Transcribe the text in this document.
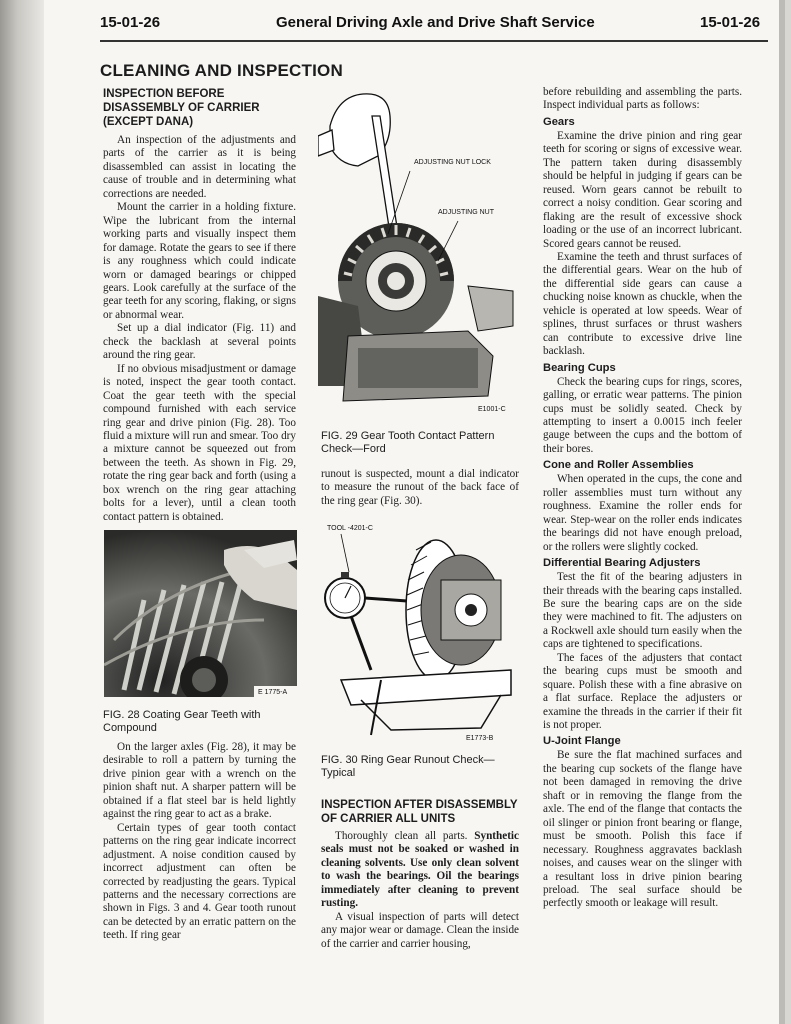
15-01-26	General Driving Axle and Drive Shaft Service	15-01-26
CLEANING AND INSPECTION

INSPECTION BEFORE DISASSEMBLY OF CARRIER (EXCEPT DANA)

An inspection of the adjustments and parts of the carrier as it is being disassembled can assist in locating the cause of trouble and in determining what corrections are needed.

Mount the carrier in a holding fixture. Wipe the lubricant from the internal working parts and visually inspect them for damage. Rotate the gears to see if there is any roughness which could indicate worn or damaged bearings or chipped gears. Look carefully at the surface of the gear teeth for any scoring, flaking, or signs or abnormal wear.

Set up a dial indicator (Fig. 11) and check the backlash at several points around the ring gear.

If no obvious misadjustment or damage is noted, inspect the gear tooth contact. Coat the gear teeth with the special compound furnished with each service ring gear and drive pinion (Fig. 28). Too fluid a mixture will run and smear. Too dry a mixture cannot be squeezed out from between the teeth. As shown in Fig. 29, rotate the ring gear back and forth (using a box wrench on the ring gear attaching bolts for a lever), until a clean tooth contact pattern is obtained.

E 1775-A
FIG. 28 Coating Gear Teeth with Compound

On the larger axles (Fig. 28), it may be desirable to roll a pattern by turning the drive pinion gear with a wrench on the pinion shaft nut. A sharper pattern will be obtained if a flat steel bar is held lightly against the ring gear to act as a brake.

Certain types of gear tooth contact patterns on the ring gear indicate incorrect adjustment. A noise condition caused by incorrect adjustment can often be corrected by readjusting the gears. Typical patterns and the necessary corrections are shown in Figs. 3 and 4. Gear tooth runout can be detected by an erratic pattern on the teeth. If ring gear

ADJUSTING NUT LOCK
ADJUSTING NUT
E1001-C
FIG. 29 Gear Tooth Contact Pattern Check—Ford

runout is suspected, mount a dial indicator to measure the runout of the back face of the ring gear (Fig. 30).

TOOL -4201-C
E1773-B
FIG. 30 Ring Gear Runout Check—Typical

INSPECTION AFTER DISASSEMBLY OF CARRIER ALL UNITS

Thoroughly clean all parts. Synthetic seals must not be soaked or washed in cleaning solvents. Use only clean solvent to wash the bearings. Oil the bearings immediately after cleaning to prevent rusting.

A visual inspection of parts will detect any major wear or damage. Clean the inside of the carrier and carrier housing,

before rebuilding and assembling the parts. Inspect individual parts as follows:

Gears

Examine the drive pinion and ring gear teeth for scoring or signs of excessive wear. The pattern taken during disassembly should be helpful in judging if gears can be reused. Worn gears cannot be rebuilt to correct a noisy condition. Gear scoring and flaking are the result of excessive shock loading or the use of an incorrect lubricant. Scored gears cannot be reused.

Examine the teeth and thrust surfaces of the differential gears. Wear on the hub of the differential side gears can cause a chucking noise known as chuckle, when the vehicle is operated at low speeds. Wear of splines, thrust surfaces or thrust washers can contribute to excessive drive line backlash.

Bearing Cups

Check the bearing cups for rings, scores, galling, or erratic wear patterns. The pinion cups must be solidly seated. Check by attempting to insert a 0.0015 inch feeler gauge between the cups and the bottom of their bores.

Cone and Roller Assemblies

When operated in the cups, the cone and roller assemblies must turn without any roughness. Examine the roller ends for wear. Step-wear on the roller ends indicates the bearings did not have enough preload, or the rollers were slightly cocked.

Differential Bearing Adjusters

Test the fit of the bearing adjusters in their threads with the bearing caps installed. Be sure the bearing caps are on the side they were machined to fit. The adjusters on a Rockwell axle should turn easily when the caps are tightened to specifications.

The faces of the adjusters that contact the bearing cups must be smooth and square. Polish these with a fine abrasive on a flat surface. Replace the adjusters or examine the threads in the carrier if their fit is not proper.

U-Joint Flange

Be sure the flat machined surfaces and the bearing cup sockets of the flange have not been damaged in removing the drive shaft or in removing the flange from the axle. The end of the flange that contacts the oil slinger or pinion front bearing or flange, must be smooth. Polish this face if necessary. Roughness aggravates backlash noises, and causes wear on the slinger with a resultant loss in drive pinion bearing preload. The seal surface should be perfectly smooth or leakage will result.
